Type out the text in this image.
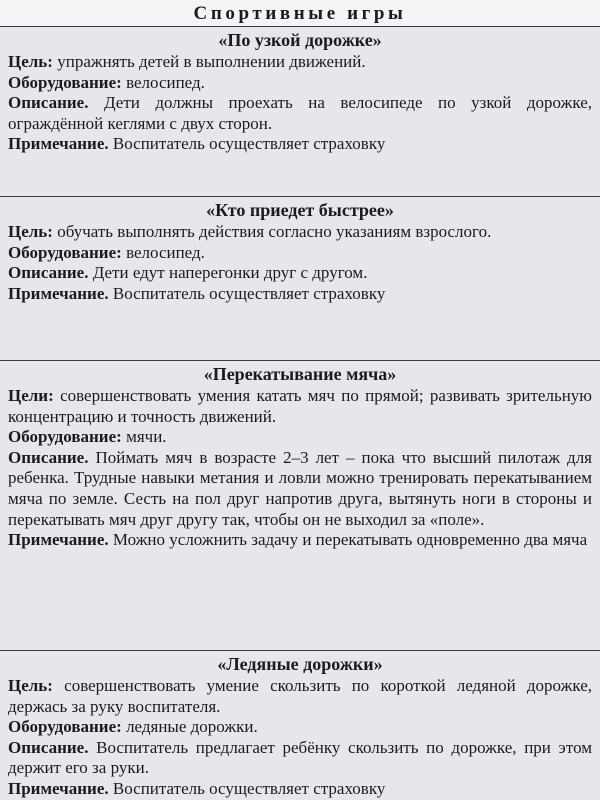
Спортивные игры
«По узкой дорожке»

Цель: упражнять детей в выполнении движений.

Оборудование: велосипед.

Описание. Дети должны проехать на велосипеде по узкой дорожке, ограждённой кеглями с двух сторон.

Примечание. Воспитатель осуществляет страховку

«Кто приедет быстрее»

Цель: обучать выполнять действия согласно указаниям взрослого.

Оборудование: велосипед.

Описание. Дети едут наперегонки друг с другом.

Примечание. Воспитатель осуществляет страховку

«Перекатывание мяча»

Цели: совершенствовать умения катать мяч по прямой; развивать зрительную концентрацию и точность движений.

Оборудование: мячи.

Описание. Поймать мяч в возрасте 2–3 лет – пока что высший пилотаж для ребенка. Трудные навыки метания и ловли можно тренировать перекатыванием мяча по земле. Сесть на пол друг напротив друга, вытянуть ноги в стороны и перекатывать мяч друг другу так, чтобы он не выходил за «поле».

Примечание. Можно усложнить задачу и перекатывать одновременно два мяча

«Ледяные дорожки»

Цель: совершенствовать умение скользить по короткой ледяной дорожке, держась за руку воспитателя.

Оборудование: ледяные дорожки.

Описание. Воспитатель предлагает ребёнку скользить по дорожке, при этом держит его за руки.

Примечание. Воспитатель осуществляет страховку
